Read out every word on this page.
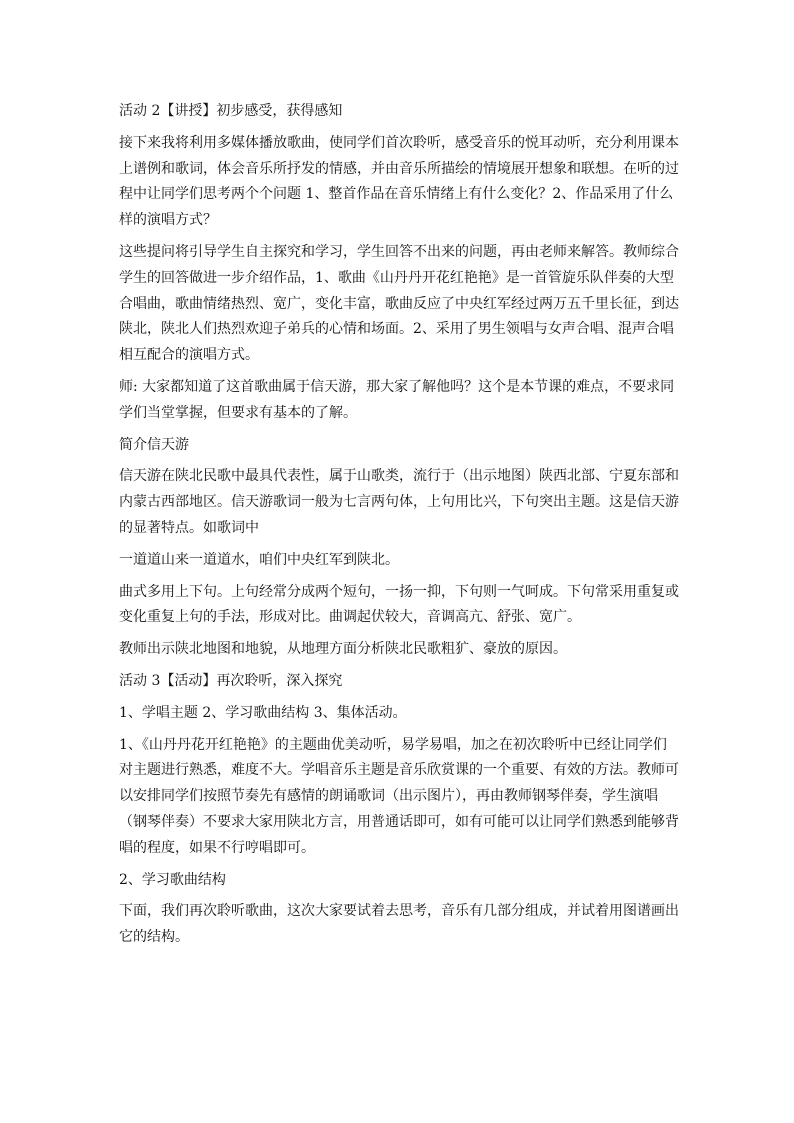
活动 2【讲授】初步感受，获得感知
接下来我将利用多媒体播放歌曲，使同学们首次聆听，感受音乐的悦耳动听，充分利用课本
上谱例和歌词，体会音乐所抒发的情感，并由音乐所描绘的情境展开想象和联想。在听的过
程中让同学们思考两个个问题 1、整首作品在音乐情绪上有什么变化？2、作品采用了什么
样的演唱方式？
这些提问将引导学生自主探究和学习，学生回答不出来的问题，再由老师来解答。教师综合
学生的回答做进一步介绍作品，1、歌曲《山丹丹开花红艳艳》是一首管旋乐队伴奏的大型
合唱曲，歌曲情绪热烈、宽广，变化丰富，歌曲反应了中央红军经过两万五千里长征，到达
陕北，陕北人们热烈欢迎子弟兵的心情和场面。2、采用了男生领唱与女声合唱、混声合唱
相互配合的演唱方式。
师: 大家都知道了这首歌曲属于信天游，那大家了解他吗？这个是本节课的难点，不要求同
学们当堂掌握，但要求有基本的了解。
简介信天游
信天游在陕北民歌中最具代表性，属于山歌类，流行于（出示地图）陕西北部、宁夏东部和
内蒙古西部地区。信天游歌词一般为七言两句体，上句用比兴，下句突出主题。这是信天游
的显著特点。如歌词中
一道道山来一道道水，咱们中央红军到陕北。
曲式多用上下句。上句经常分成两个短句，一扬一抑，下句则一气呵成。下句常采用重复或
变化重复上句的手法，形成对比。曲调起伏较大，音调高亢、舒张、宽广。
教师出示陕北地图和地貌，从地理方面分析陕北民歌粗犷、豪放的原因。
活动 3【活动】再次聆听，深入探究
1、学唱主题 2、学习歌曲结构 3、集体活动。
1、《山丹丹花开红艳艳》的主题曲优美动听，易学易唱，加之在初次聆听中已经让同学们
对主题进行熟悉，难度不大。学唱音乐主题是音乐欣赏课的一个重要、有效的方法。教师可
以安排同学们按照节奏先有感情的朗诵歌词（出示图片），再由教师钢琴伴奏，学生演唱
（钢琴伴奏）不要求大家用陕北方言，用普通话即可，如有可能可以让同学们熟悉到能够背
唱的程度，如果不行哼唱即可。
2、学习歌曲结构
下面，我们再次聆听歌曲，这次大家要试着去思考，音乐有几部分组成，并试着用图谱画出
它的结构。
